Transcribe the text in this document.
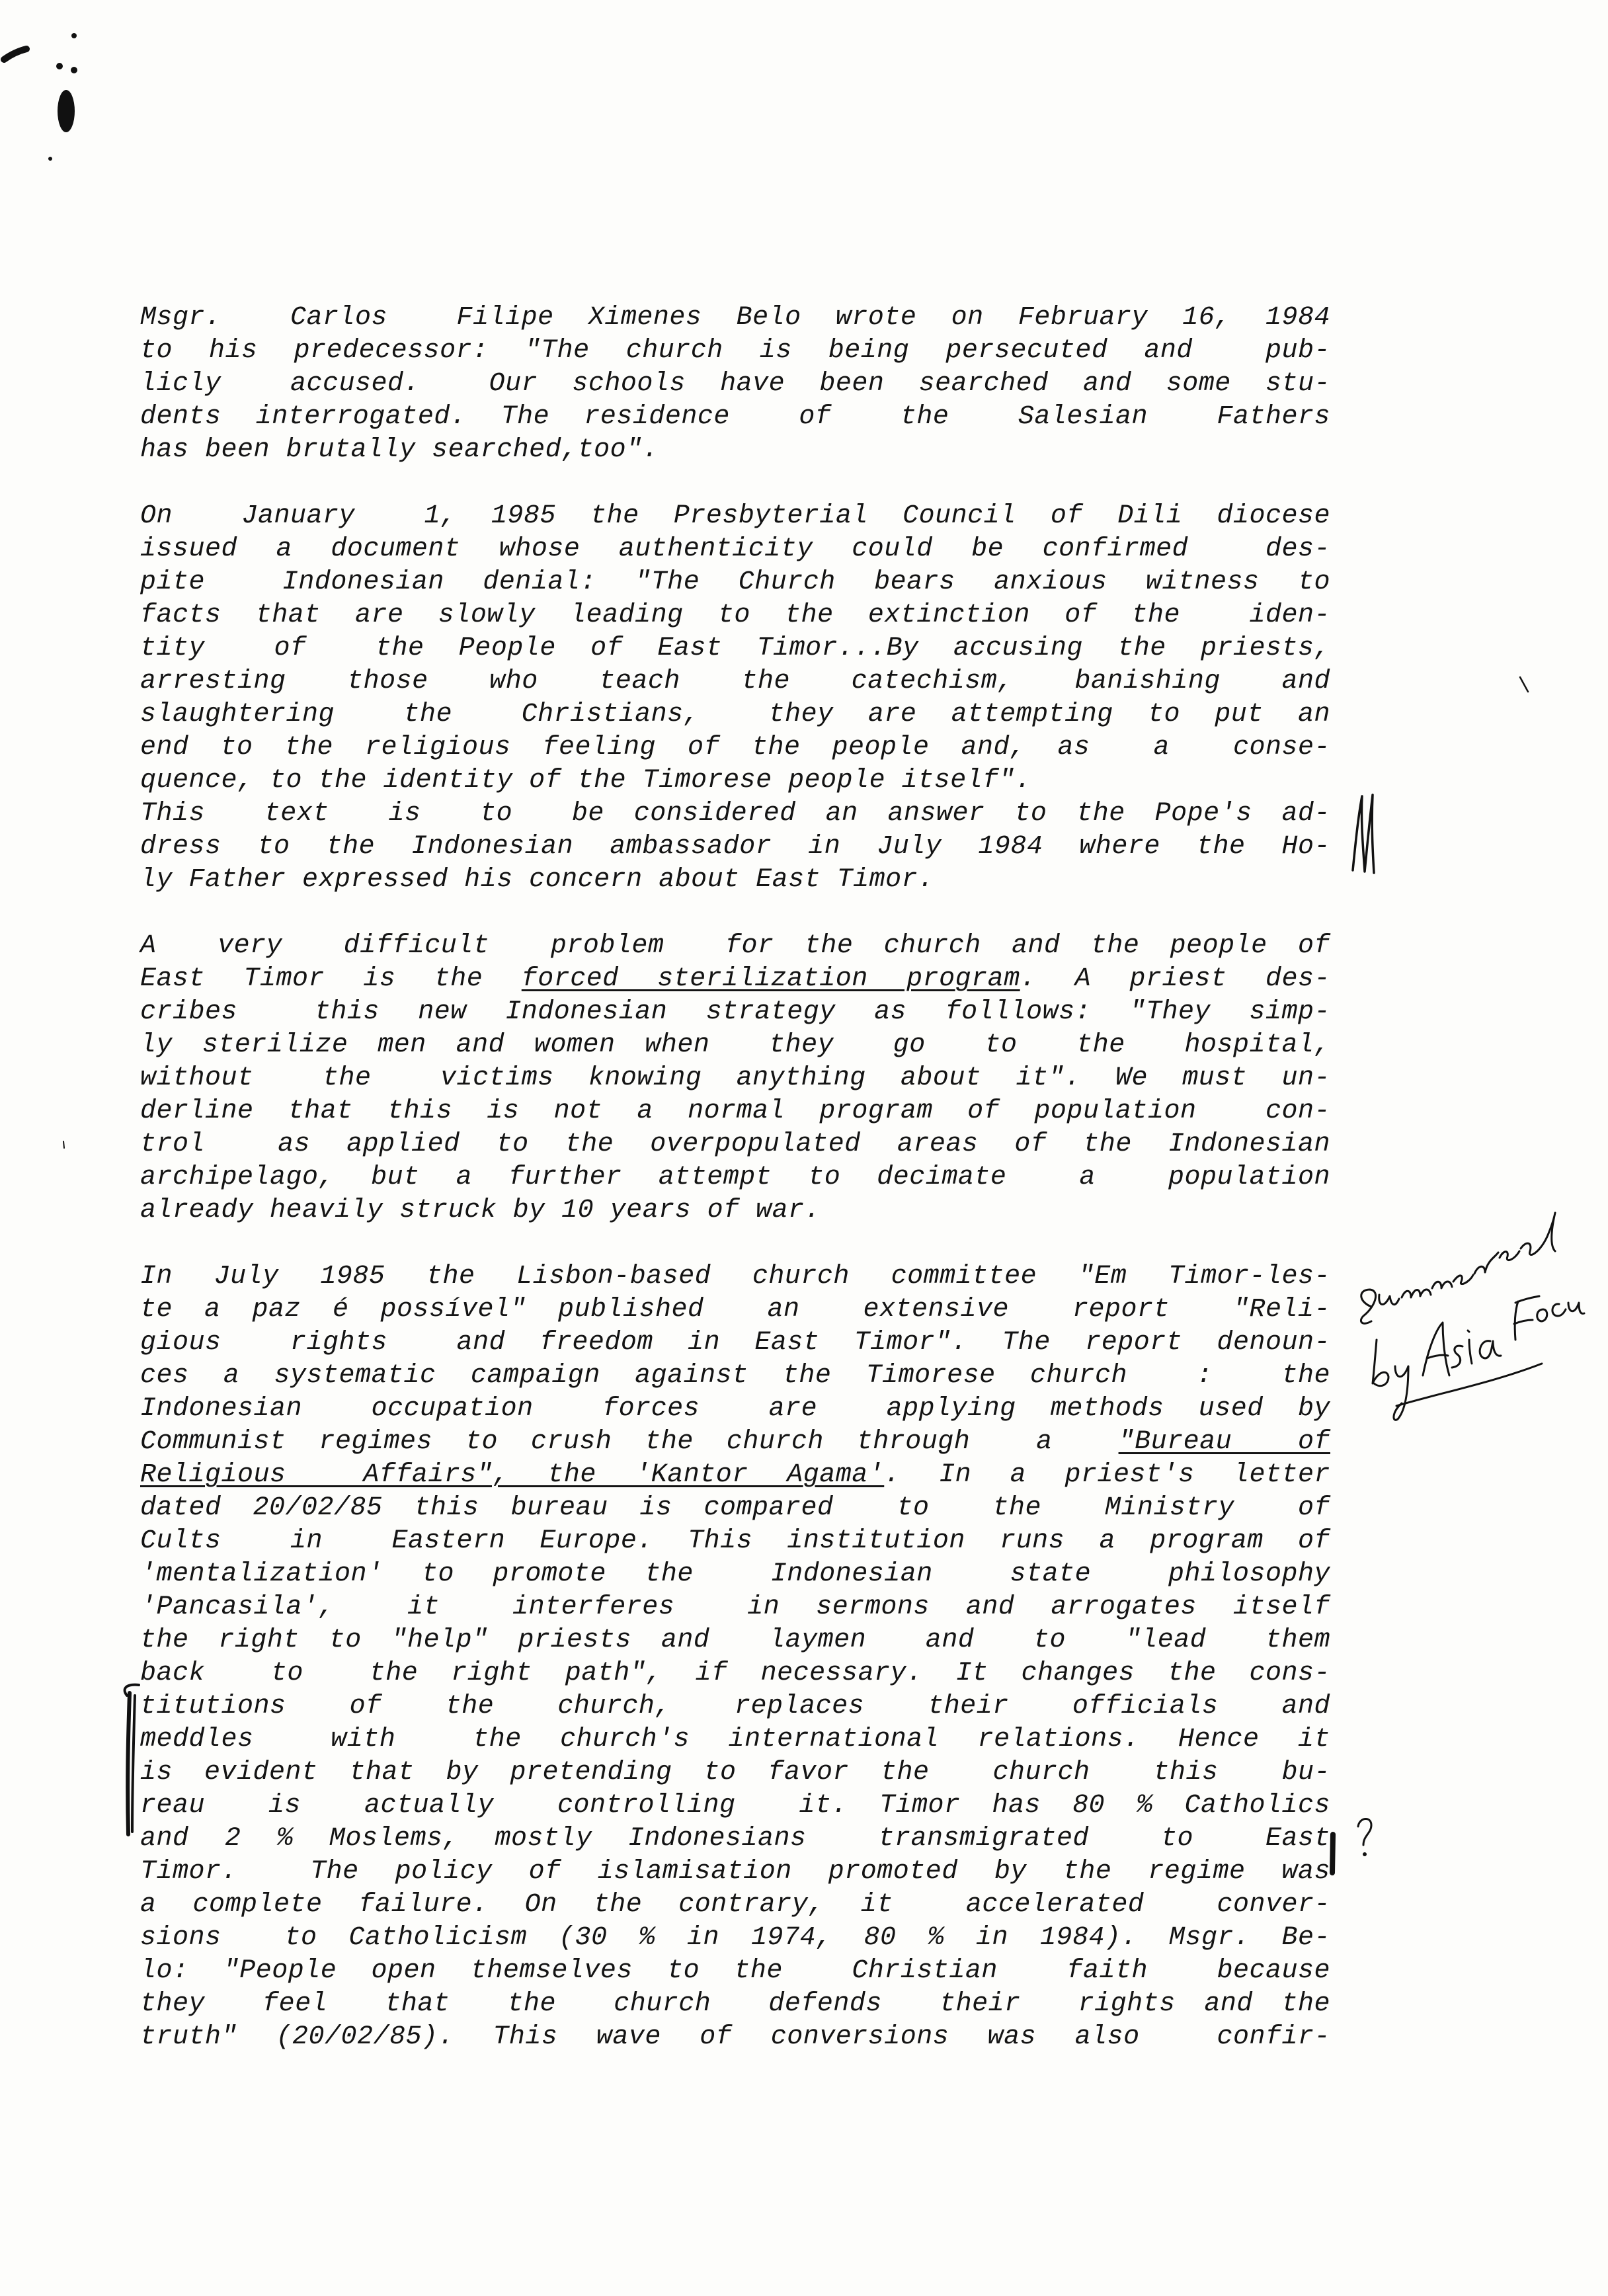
Msgr.  Carlos  Filipe Ximenes Belo wrote on February 16, 1984
to his predecessor: "The church is being persecuted and  pub-
licly  accused.  Our schools have been searched and some stu-
dents interrogated. The residence  of  the  Salesian  Fathers
has been brutally searched,too".
On  January  1, 1985 the Presbyterial Council of Dili diocese
issued a document whose authenticity could be confirmed  des-
pite  Indonesian denial: "The Church bears anxious witness to
facts that are slowly leading to the extinction of the  iden-
tity  of  the People of East Timor...By accusing the priests,
arresting  those  who  teach  the  catechism,  banishing  and
slaughtering  the  Christians,  they are attempting to put an
end to the religious feeling of the people and, as  a  conse-
quence, to the identity of the Timorese people itself".
This  text  is  to  be considered an answer to the Pope's ad-
dress to the Indonesian ambassador in July 1984 where the Ho-
ly Father expressed his concern about East Timor.
A  very  difficult  problem  for the church and the people of
East Timor is the forced sterilization program. A priest des-
cribes  this new Indonesian strategy as folllows: "They simp-
ly sterilize men and women when  they  go  to  the  hospital,
without  the  victims knowing anything about it". We must un-
derline that this is not a normal program of population  con-
trol  as applied to the overpopulated areas of the Indonesian
archipelago, but a further attempt to decimate  a  population
already heavily struck by 10 years of war.
In July 1985 the Lisbon-based church committee "Em Timor-les-
te a paz é possível" published  an  extensive  report  "Reli-
gious  rights  and freedom in East Timor". The report denoun-
ces a systematic campaign against the Timorese church  :  the
Indonesian  occupation  forces  are  applying methods used by
Communist regimes to crush the church through  a  "Bureau  of
Religious  Affairs", the 'Kantor Agama'. In a priest's letter
dated 20/02/85 this bureau is compared  to  the  Ministry  of
Cults  in  Eastern Europe. This institution runs a program of
'mentalization' to promote the  Indonesian  state  philosophy
'Pancasila',  it  interferes  in sermons and arrogates itself
the right to "help" priests and  laymen  and  to  "lead  them
back  to  the right path", if necessary. It changes the cons-
titutions  of  the  church,  replaces  their  officials  and
meddles  with  the church's international relations. Hence it
is evident that by pretending to favor the  church  this  bu-
reau  is  actually  controlling  it. Timor has 80 % Catholics
and 2 % Moslems, mostly Indonesians  transmigrated  to  East
Timor.  The policy of islamisation promoted by the regime was
a complete failure. On the contrary, it  accelerated  conver-
sions  to Catholicism (30 % in 1974, 80 % in 1984). Msgr. Be-
lo: "People open themselves to the  Christian  faith  because
they  feel  that  the  church  defends  their  rights and the
truth" (20/02/85). This wave of conversions was also  confir-
